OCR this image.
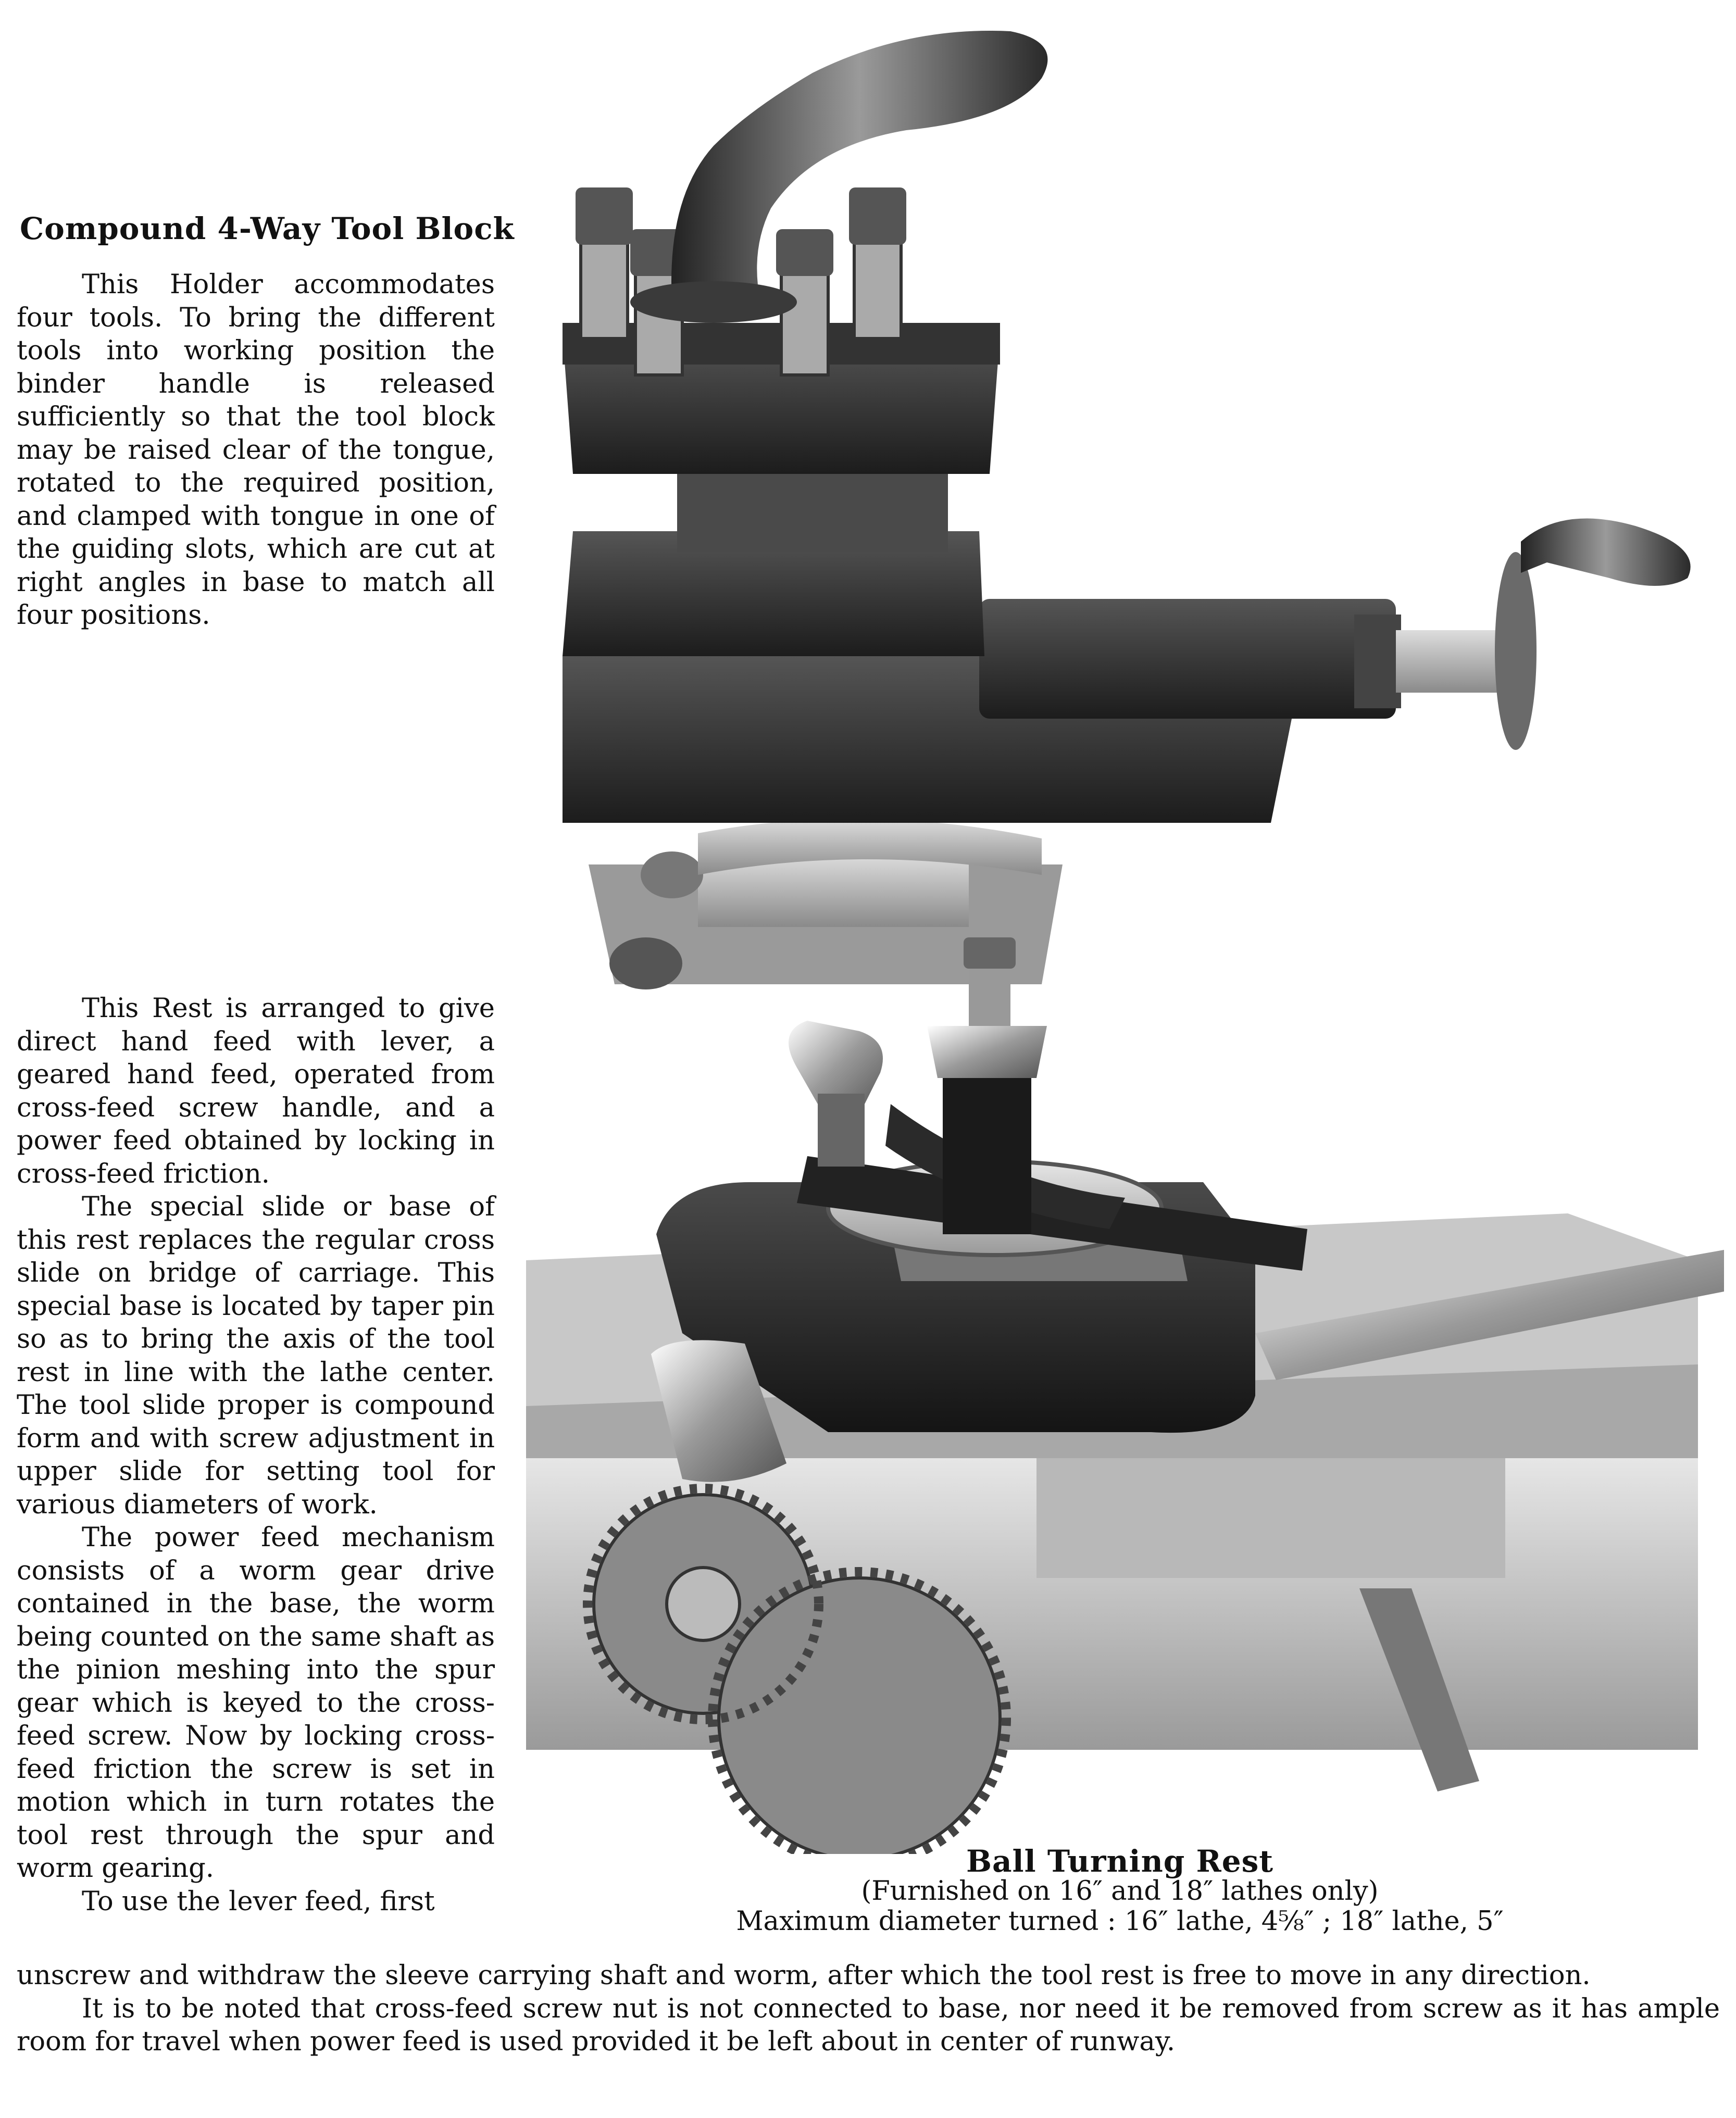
Compound 4-Way Tool Block

This Holder accommodates four tools. To bring the different tools into working position the binder handle is released sufficiently so that the tool block may be raised clear of the tongue, rotated to the required position, and clamped with tongue in one of the guiding slots, which are cut at right angles in base to match all four positions.

This Rest is arranged to give direct hand feed with lever, a geared hand feed, operated from cross-feed screw handle, and a power feed obtained by locking in cross-feed friction.

The special slide or base of this rest replaces the regular cross slide on bridge of carriage. This special base is located by taper pin so as to bring the axis of the tool rest in line with the lathe center. The tool slide proper is compound form and with screw adjustment in upper slide for setting tool for various diameters of work.

The power feed mechanism consists of a worm gear drive contained in the base, the worm being counted on the same shaft as the pinion meshing into the spur gear which is keyed to the cross-feed screw. Now by locking cross-feed friction the screw is set in motion which in turn rotates the tool rest through the spur and worm gearing.

To use the lever feed, first

Ball Turning Rest
(Furnished on 16″ and 18″ lathes only)
Maximum diameter turned : 16″ lathe, 4⅝″ ; 18″ lathe, 5″

unscrew and withdraw the sleeve carrying shaft and worm, after which the tool rest is free to move in any direction.

It is to be noted that cross-feed screw nut is not connected to base, nor need it be removed from screw as it has ample room for travel when power feed is used provided it be left about in center of runway.
